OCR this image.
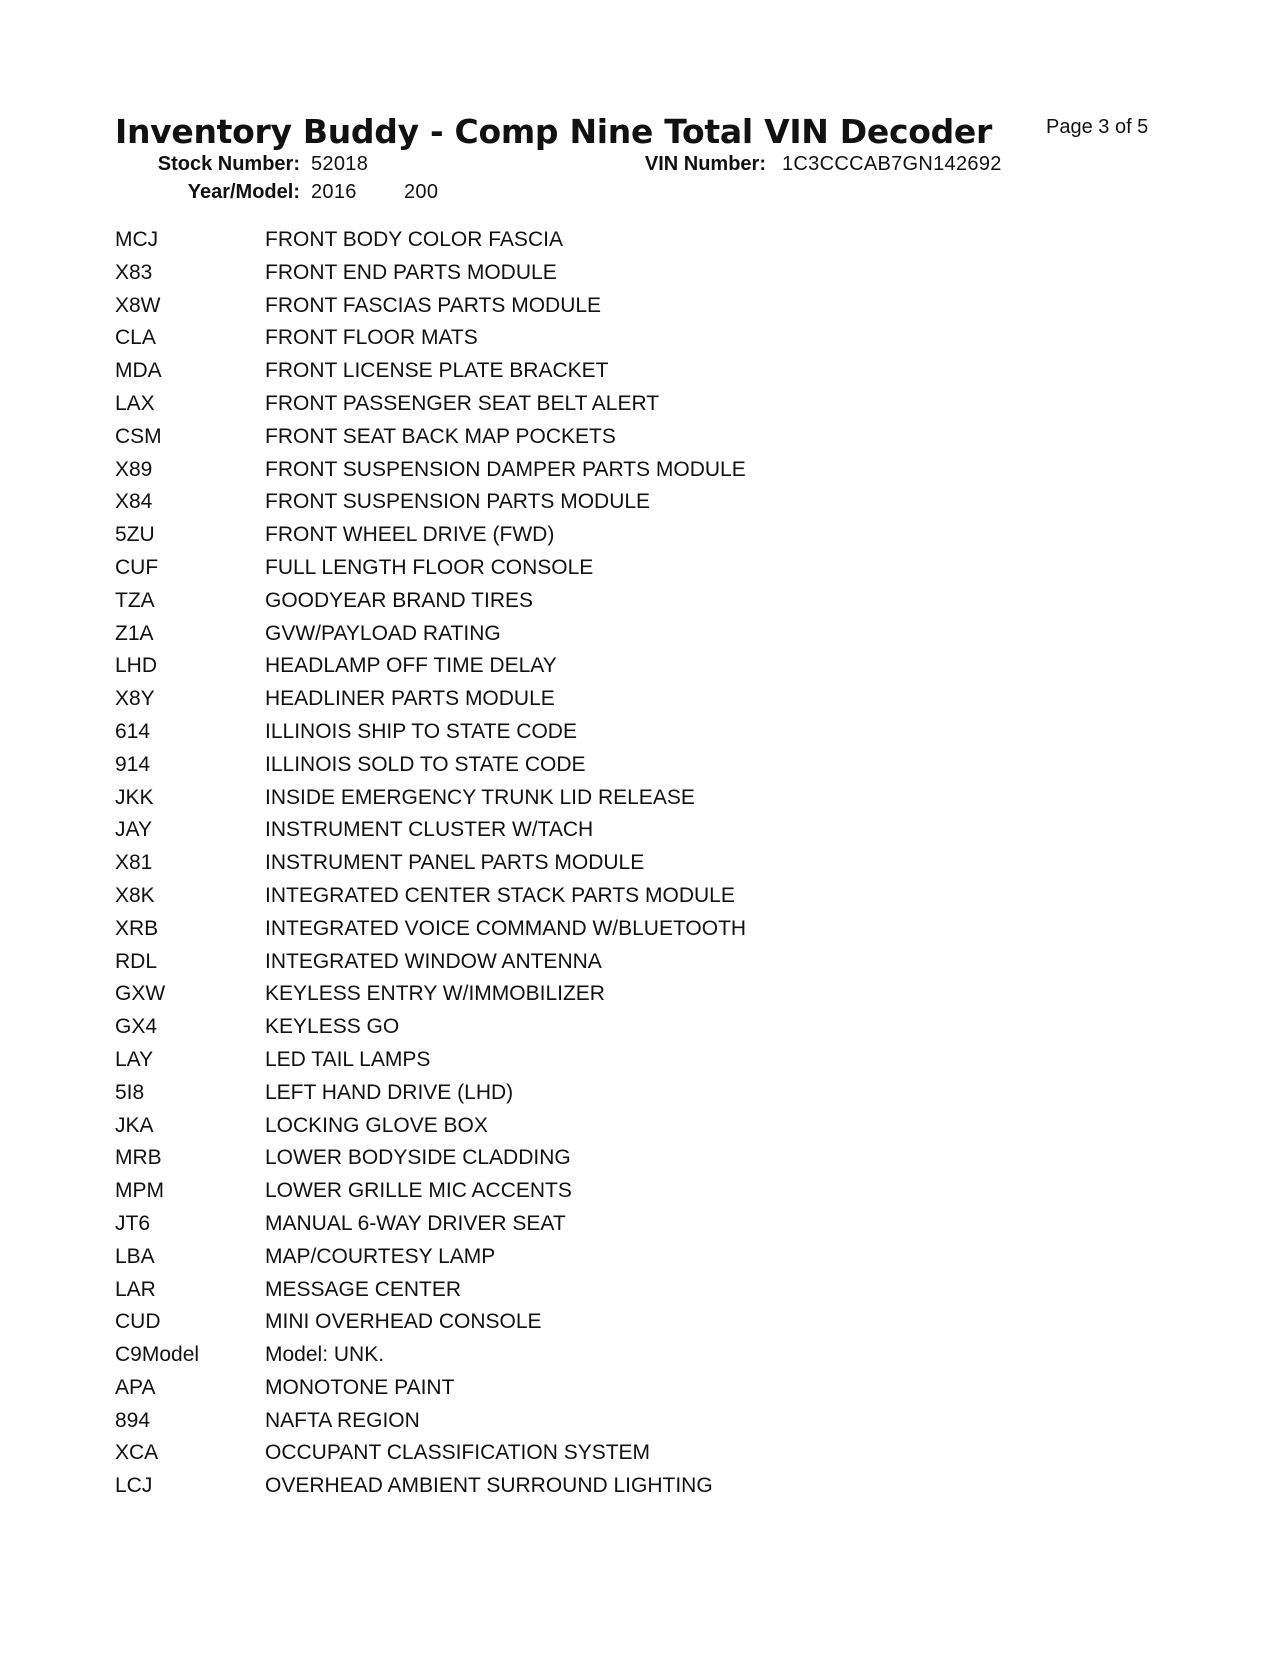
Inventory Buddy - Comp Nine Total VIN Decoder	Page 3 of 5
Stock Number: 52018	VIN Number: 1C3CCCAB7GN142692
Year/Model: 2016 200
MCJ	FRONT BODY COLOR FASCIA
X83	FRONT END PARTS MODULE
X8W	FRONT FASCIAS PARTS MODULE
CLA	FRONT FLOOR MATS
MDA	FRONT LICENSE PLATE BRACKET
LAX	FRONT PASSENGER SEAT BELT ALERT
CSM	FRONT SEAT BACK MAP POCKETS
X89	FRONT SUSPENSION DAMPER PARTS MODULE
X84	FRONT SUSPENSION PARTS MODULE
5ZU	FRONT WHEEL DRIVE (FWD)
CUF	FULL LENGTH FLOOR CONSOLE
TZA	GOODYEAR BRAND TIRES
Z1A	GVW/PAYLOAD RATING
LHD	HEADLAMP OFF TIME DELAY
X8Y	HEADLINER PARTS MODULE
614	ILLINOIS SHIP TO STATE CODE
914	ILLINOIS SOLD TO STATE CODE
JKK	INSIDE EMERGENCY TRUNK LID RELEASE
JAY	INSTRUMENT CLUSTER W/TACH
X81	INSTRUMENT PANEL PARTS MODULE
X8K	INTEGRATED CENTER STACK PARTS MODULE
XRB	INTEGRATED VOICE COMMAND W/BLUETOOTH
RDL	INTEGRATED WINDOW ANTENNA
GXW	KEYLESS ENTRY W/IMMOBILIZER
GX4	KEYLESS GO
LAY	LED TAIL LAMPS
5I8	LEFT HAND DRIVE (LHD)
JKA	LOCKING GLOVE BOX
MRB	LOWER BODYSIDE CLADDING
MPM	LOWER GRILLE MIC ACCENTS
JT6	MANUAL 6-WAY DRIVER SEAT
LBA	MAP/COURTESY LAMP
LAR	MESSAGE CENTER
CUD	MINI OVERHEAD CONSOLE
C9Model	Model: UNK.
APA	MONOTONE PAINT
894	NAFTA REGION
XCA	OCCUPANT CLASSIFICATION SYSTEM
LCJ	OVERHEAD AMBIENT SURROUND LIGHTING
